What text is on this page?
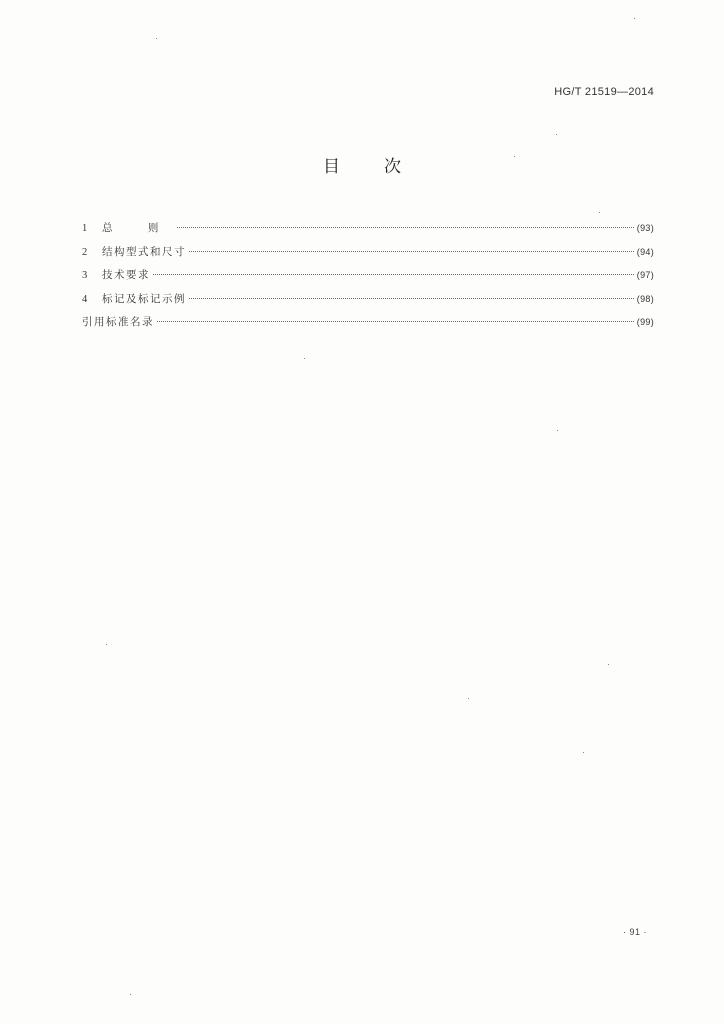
HG/T 21519—2014
目次
1	总 则	(93)
2	结构型式和尺寸	(94)
3	技术要求	(97)
4	标记及标记示例	(98)
引用标准名录	(99)
· 91 ·
